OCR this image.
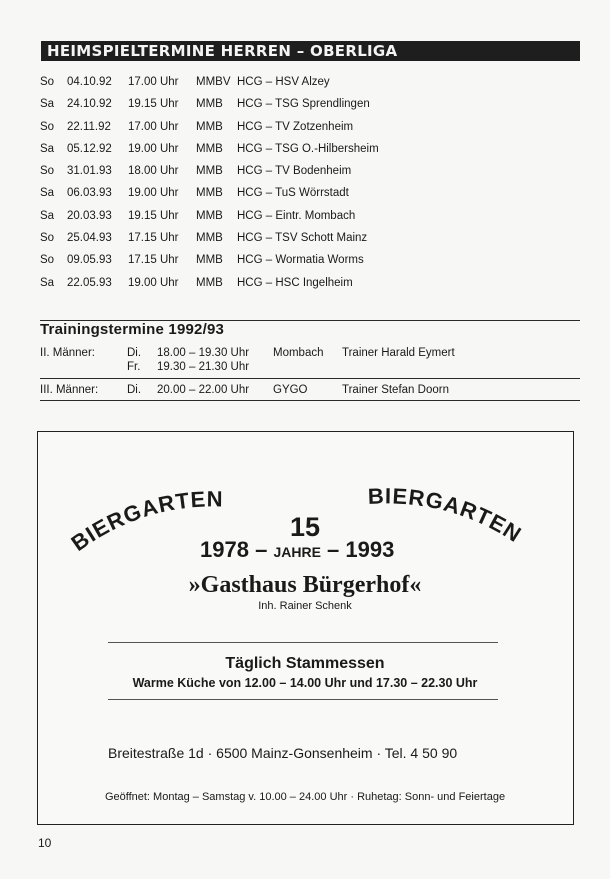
HEIMSPIELTERMINE HERREN – OBERLIGA
So 04.10.92 17.00 Uhr MMBV HCG – HSV Alzey
Sa 24.10.92 19.15 Uhr MMB HCG – TSG Sprendlingen
So 22.11.92 17.00 Uhr MMB HCG – TV Zotzenheim
Sa 05.12.92 19.00 Uhr MMB HCG – TSG O.-Hilbersheim
So 31.01.93 18.00 Uhr MMB HCG – TV Bodenheim
Sa 06.03.93 19.00 Uhr MMB HCG – TuS Wörrstadt
Sa 20.03.93 19.15 Uhr MMB HCG – Eintr. Mombach
So 25.04.93 17.15 Uhr MMB HCG – TSV Schott Mainz
So 09.05.93 17.15 Uhr MMB HCG – Wormatia Worms
Sa 22.05.93 19.00 Uhr MMB HCG – HSC Ingelheim
Trainingstermine 1992/93
II. Männer:	Di. 18.00 – 19.30 Uhr Mombach Trainer Harald Eymert
Fr. 19.30 – 21.30 Uhr
III. Männer:	Di. 20.00 – 22.00 Uhr GYGO	Trainer Stefan Doorn
BIERGARTEN	BIERGARTEN
15
1978 – JAHRE – 1993
»Gasthaus Bürgerhof«
Inh. Rainer Schenk
Täglich Stammessen
Warme Küche von 12.00 – 14.00 Uhr und 17.30 – 22.30 Uhr
Breitestraße 1d · 6500 Mainz-Gonsenheim · Tel. 4 50 90
Geöffnet: Montag – Samstag v. 10.00 – 24.00 Uhr · Ruhetag: Sonn- und Feiertage
10
